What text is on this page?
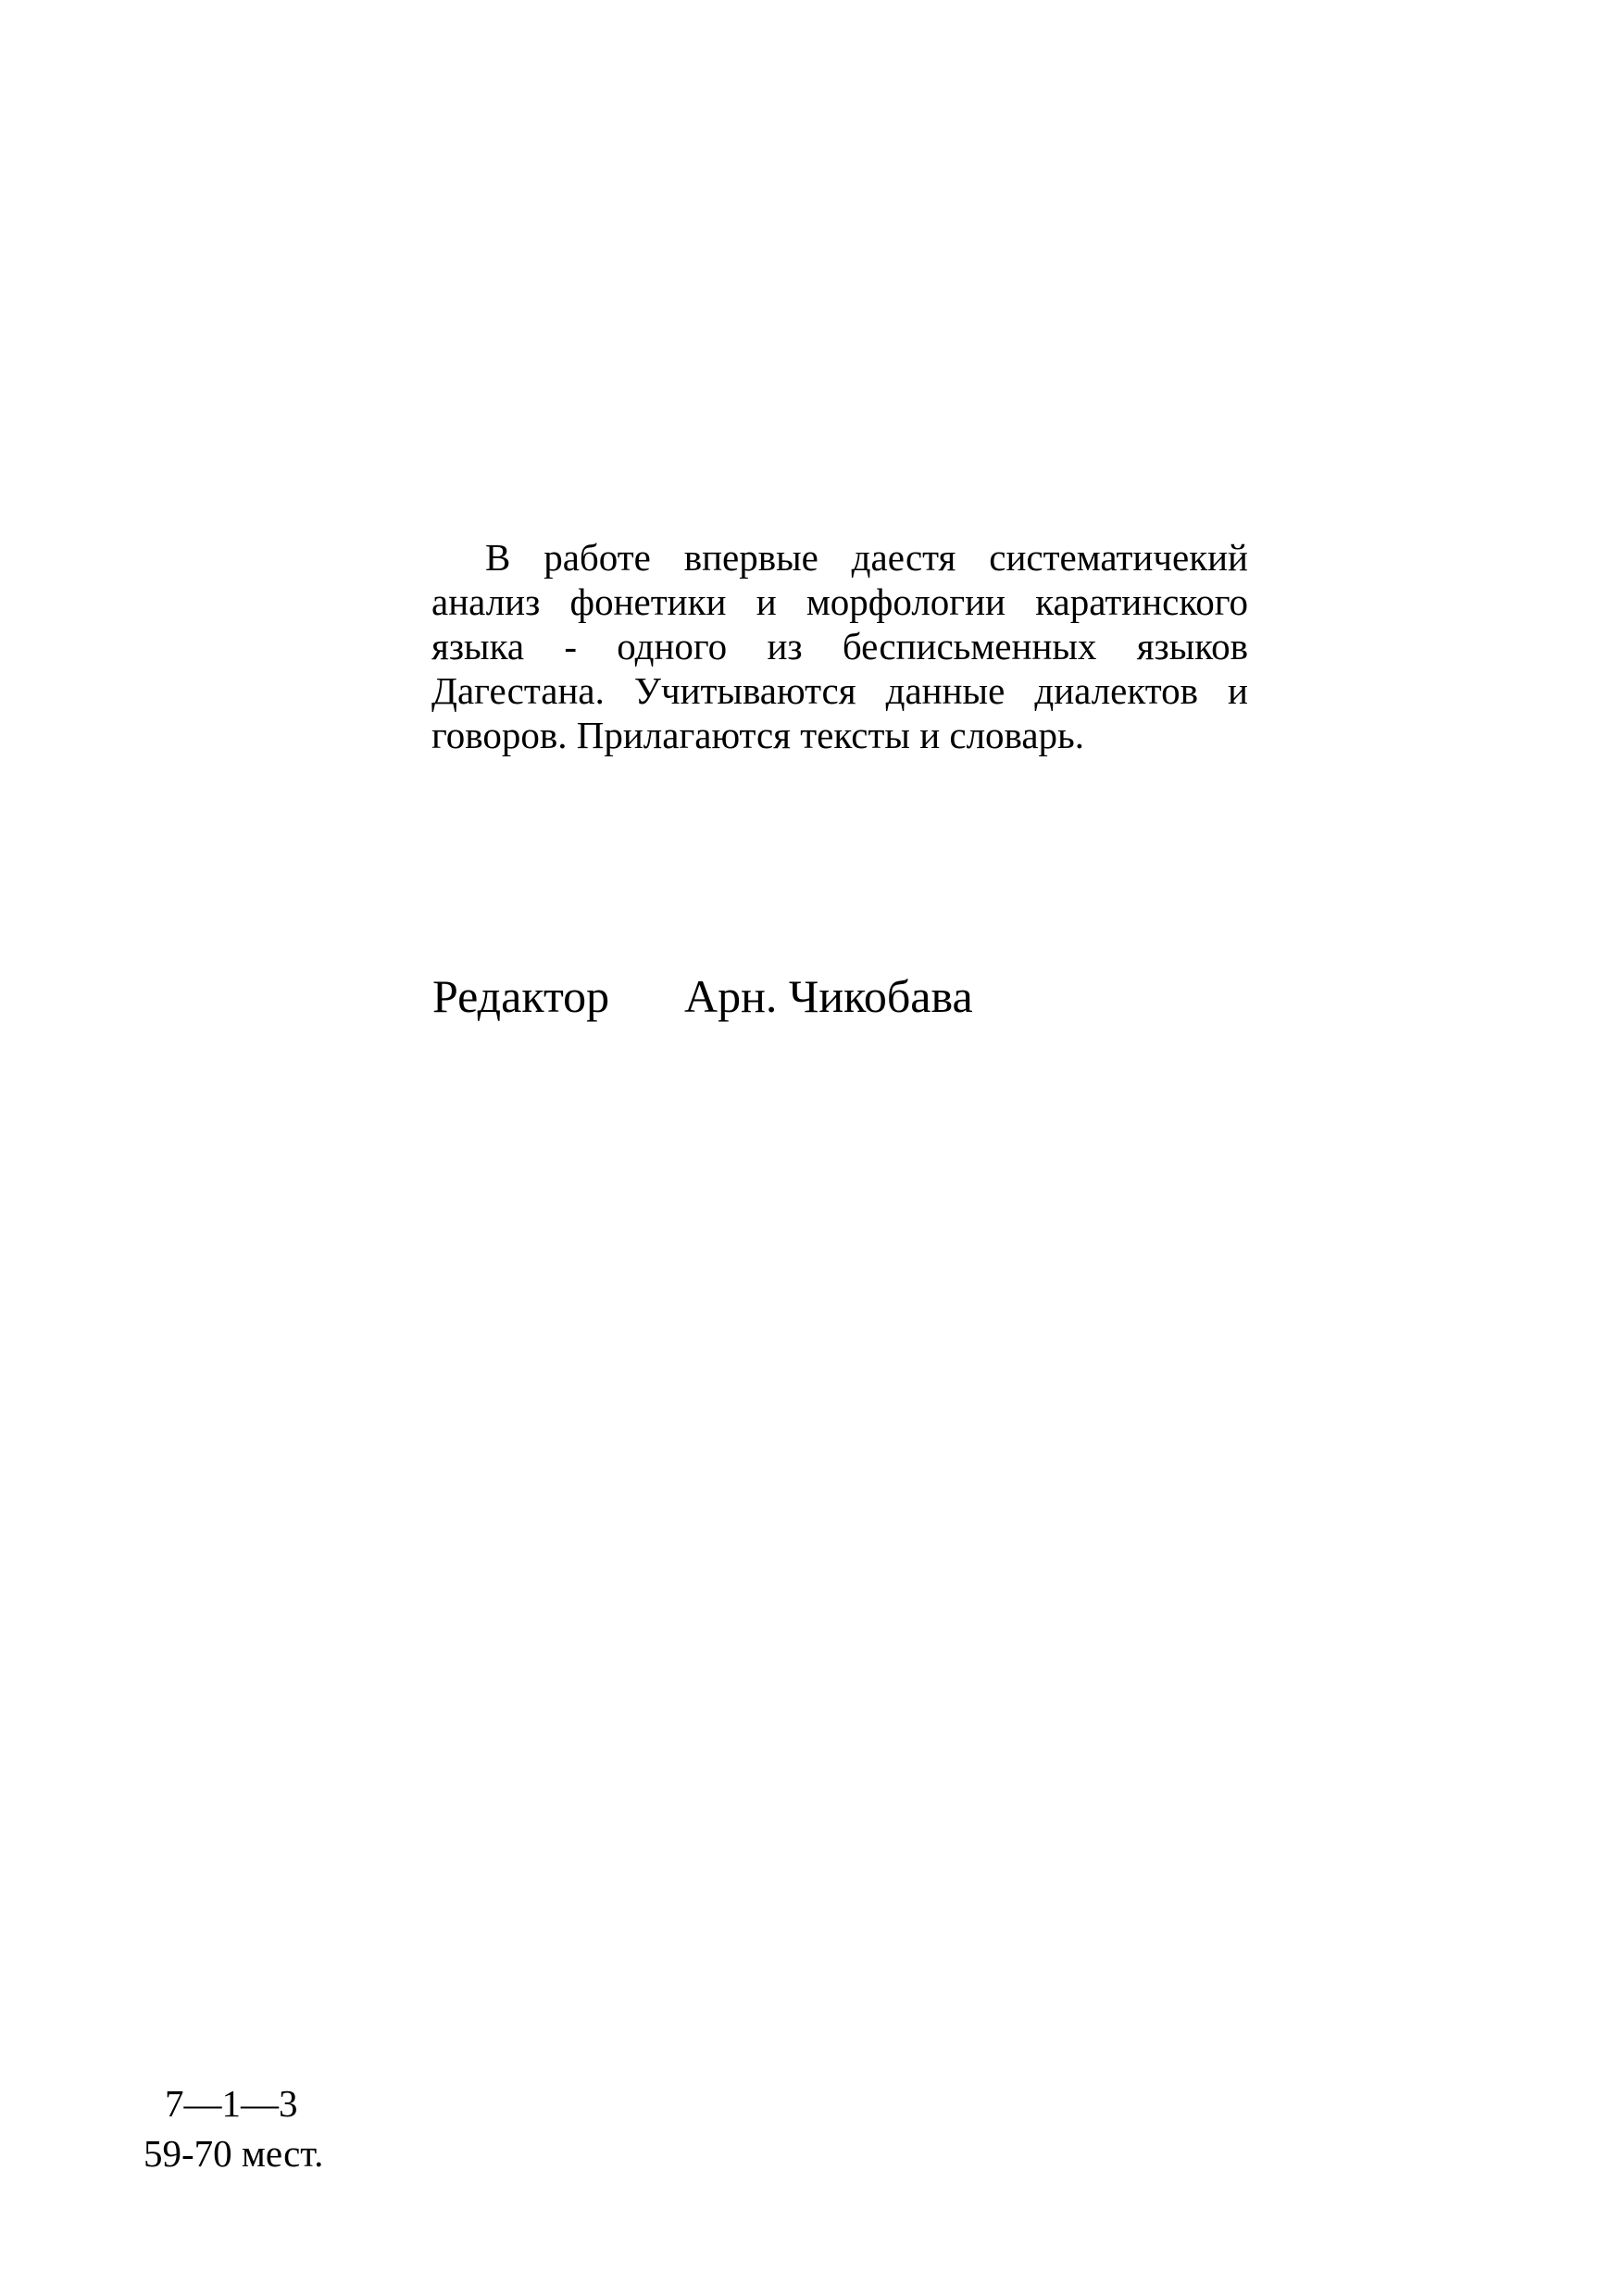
В работе впервые даестя систематичекий анализ фонетики и морфологии каратинского языка - одного из бесписьменных языков Дагестана. Учитываются данные диалектов и говоров. Прилагаются тексты и словарь.

Редактор Арн. Чикобава
7—1—3
59-70 мест.
